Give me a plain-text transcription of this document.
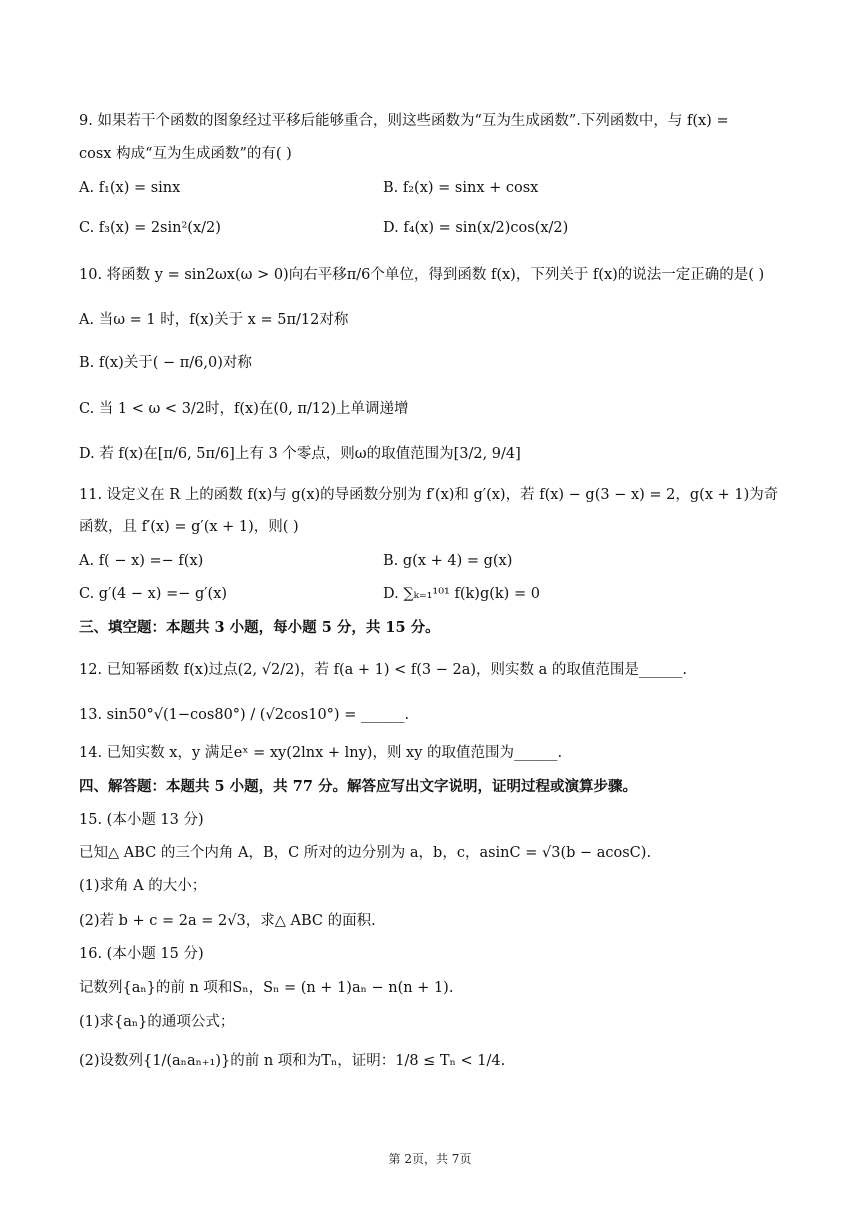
9. 如果若干个函数的图象经过平移后能够重合，则这些函数为“互为生成函数”.下列函数中，与 f(x) =
cosx 构成“互为生成函数”的有( )
A. f₁(x) = sinx	B. f₂(x) = sinx + cosx
C. f₃(x) = 2sin²(x/2)	D. f₄(x) = sin(x/2)cos(x/2)
10. 将函数 y = sin2ωx(ω > 0)向右平移π/6个单位，得到函数 f(x)，下列关于 f(x)的说法一定正确的是( )
A. 当ω = 1 时，f(x)关于 x = 5π/12对称
B. f(x)关于( − π/6,0)对称
C. 当 1 < ω < 3/2时，f(x)在(0, π/12)上单调递增
D. 若 f(x)在[π/6, 5π/6]上有 3 个零点，则ω的取值范围为[3/2, 9/4]
11. 设定义在 R 上的函数 f(x)与 g(x)的导函数分别为 f′(x)和 g′(x)，若 f(x) − g(3 − x) = 2，g(x + 1)为奇
函数，且 f′(x) = g′(x + 1)，则( )
A. f( − x) =− f(x)	B. g(x + 4) = g(x)
C. g′(4 − x) =− g′(x)	D. ∑ₖ₌₁¹⁰¹ f(k)g(k) = 0
三、填空题：本题共 3 小题，每小题 5 分，共 15 分。
12. 已知幂函数 f(x)过点(2, √2/2)，若 f(a + 1) < f(3 − 2a)，则实数 a 的取值范围是______.
13. sin50°√(1−cos80°) / (√2cos10°) = ______.
14. 已知实数 x，y 满足eˣ = xy(2lnx + lny)，则 xy 的取值范围为______.
四、解答题：本题共 5 小题，共 77 分。解答应写出文字说明，证明过程或演算步骤。
15. (本小题 13 分)
已知△ ABC 的三个内角 A，B，C 所对的边分别为 a，b，c，asinC = √3(b − acosC).
(1)求角 A 的大小；
(2)若 b + c = 2a = 2√3，求△ ABC 的面积.
16. (本小题 15 分)
记数列{aₙ}的前 n 项和Sₙ，Sₙ = (n + 1)aₙ − n(n + 1).
(1)求{aₙ}的通项公式；
(2)设数列{1/(aₙaₙ₊₁)}的前 n 项和为Tₙ，证明：1/8 ≤ Tₙ < 1/4.
第 2页，共 7页
